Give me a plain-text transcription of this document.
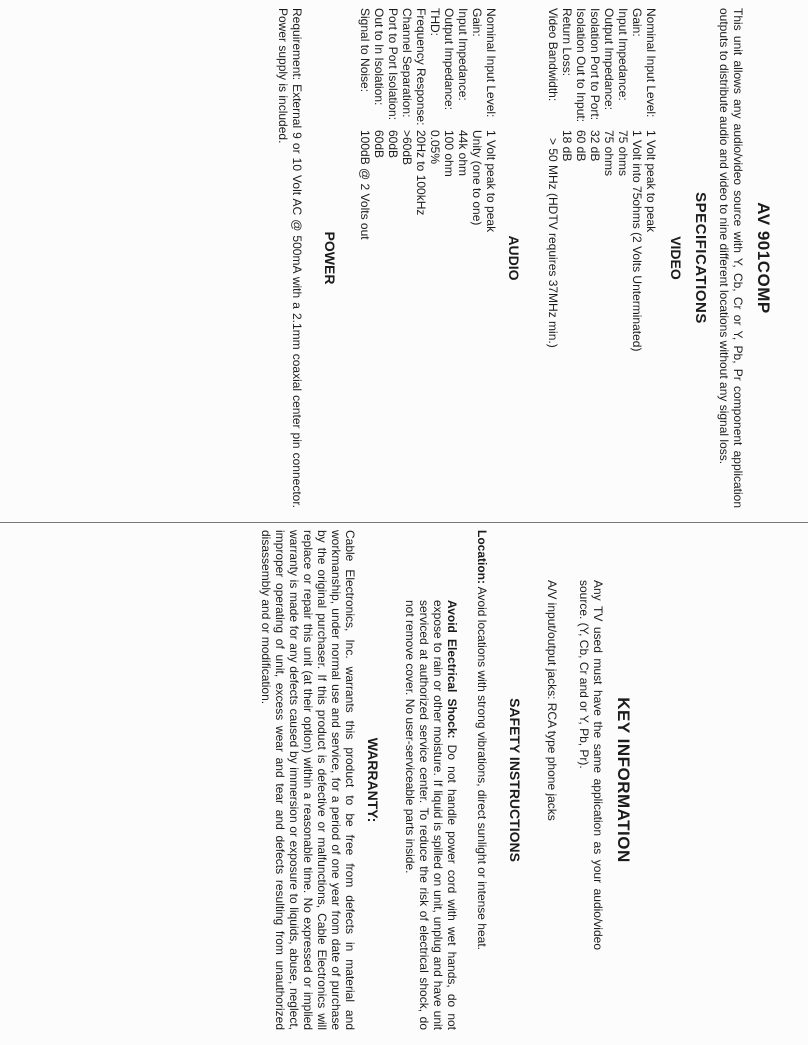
AV 901COMP

This unit allows any audio/video source with Y, Cb, Cr or Y, Pb, Pr component application outputs to distribute audio and video to nine different locations without any signal loss.

SPECIFICATIONS
VIDEO
Nominal Input Level:	1 Volt peak to peak
Gain:	1 Volt into 75ohms (2 Volts Unterminated)
Input Impedance:	75 ohms
Output Impedance:	75 ohms
Isolation Port to Port:	32 dB
Isolation Out to Input:	60 dB
Return Loss:	18 dB
Video Bandwidth:	> 50 MHz (HDTV requires 37MHz min.)
AUDIO
Nominal Input Level:	1 Volt peak to peak
Gain:	Unity (one to one)
Input Impedance:	44k ohm
Output Impedance:	100 ohm
THD:	0.05%
Frequency Response:	20Hz to 100kHz
Channel Separation:	>60dB
Port to Port Isolation:	60dB
Out to In Isolation:	60dB
Signal to Noise:	100dB @ 2 Volts out
POWER

Requirement: External 9 or 10 Volt AC @ 500mA with a 2.1mm coaxial center pin connector. Power supply is included.

KEY INFORMATION

Any TV used must have the same application as your audio/video source. (Y, Cb, Cr and or Y, Pb, Pr).

A/V input/output jacks: RCA type phone jacks

SAFETY INSTRUCTIONS

Location: Avoid locations with strong vibrations, direct sunlight or intense heat.

Avoid Electrical Shock: Do not handle power cord with wet hands, do not expose to rain or other moisture. If liquid is spilled on unit, unplug and have unit serviced at authorized service center. To reduce the risk of electrical shock, do not remove cover. No user-serviceable parts inside.

WARRANTY:

Cable Electronics, Inc. warrants this product to be free from defects in material and workmanship, under normal use and service, for a period of one year from date of purchase by the original purchaser. If this product is defective or malfunctions, Cable Electronics will replace or repair this unit (at their option) within a reasonable time. No expressed or implied warranty is made for any defects caused by immersion or exposure to liquids, abuse, neglect, improper operating of unit, excess wear and tear and defects resulting from unauthorized disassembly and or modification.
